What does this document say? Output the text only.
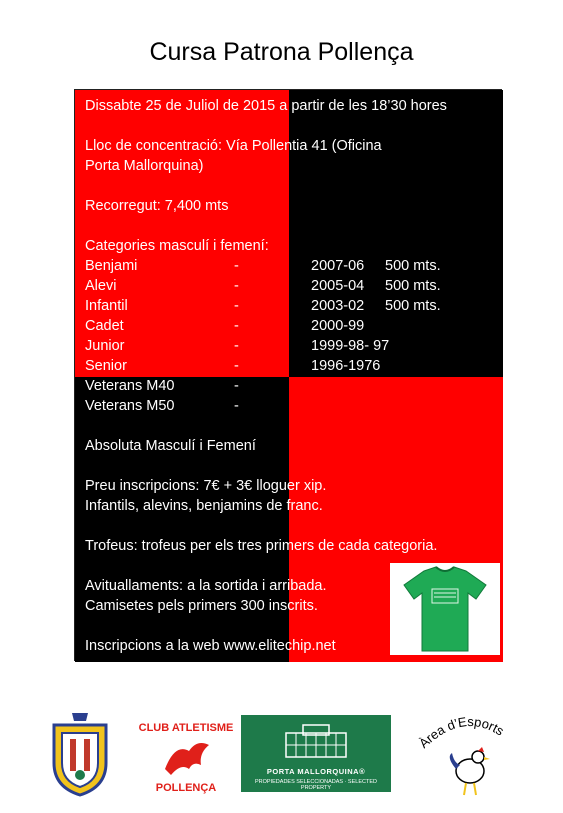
Cursa Patrona Pollença
Dissabte 25 de Juliol de 2015 a partir de les 18’30 hores
Lloc de concentració: Vía Pollentia 41 (Oficina Porta Mallorquina)
Recorregut: 7,400 mts
Categories masculí i femení:
Benjami	-	2007-06 500 mts.
Alevi	-	2005-04 500 mts.
Infantil	-	2003-02 500 mts.
Cadet	-	2000-99
Junior	-	1999-98- 97
Senior	-	1996-1976
Veterans M40	-	1975-1966
Veterans M50	-	1965 i anteriors
Absoluta Masculí i Femení
Preu inscripcions: 7€ + 3€ lloguer xip.
Infantils, alevins, benjamins de franc.
Trofeus: trofeus per els tres primers de cada categoria.
Avituallaments: a la sortida i arribada.
Camisetes pels primers 300 inscrits.
Inscripcions a la web www.elitechip.net
CLUB ATLETISME
POLLENÇA
PORTA MALLORQUINA®
PROPIEDADES SELECCIONADAS · SELECTED PROPERTY
Àrea d’Esports
